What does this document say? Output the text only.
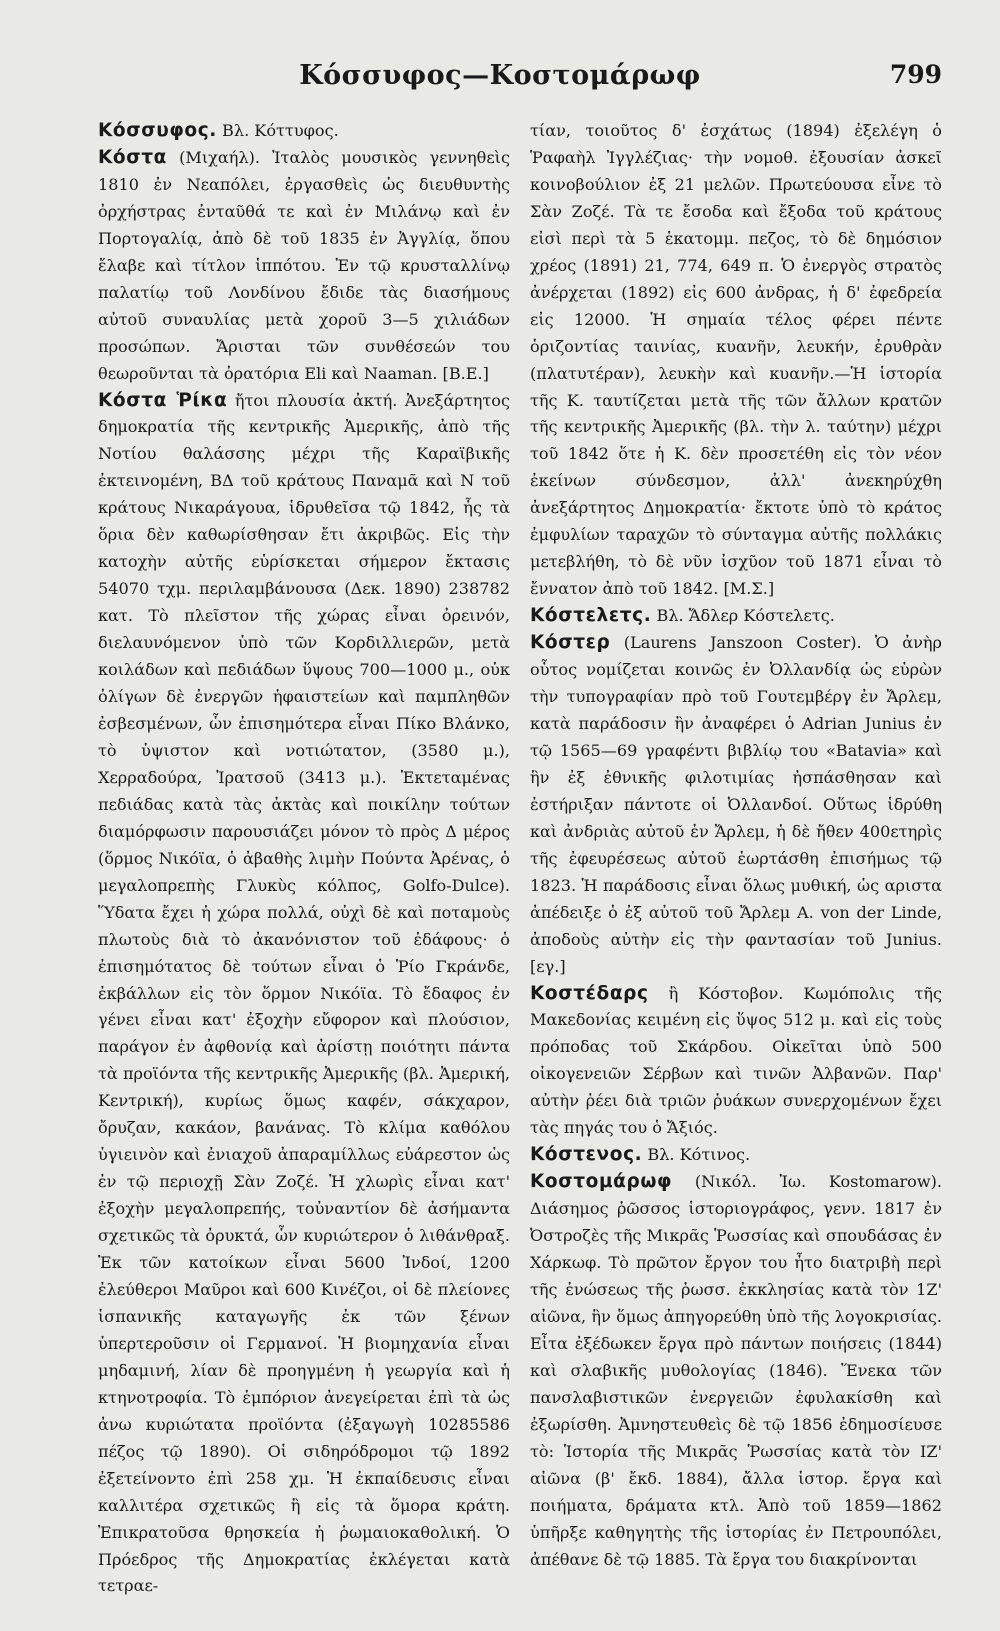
Κόσσυφος—Κοστομάρωφ	799

Κόσσυφος. Βλ. Κόττυφος.

Κόστα (Μιχαήλ). Ἰταλὸς μουσικὸς γεννηθεὶς 1810 ἐν Νεαπόλει, ἐργασθεὶς ὡς διευθυντὴς ὀρχήστρας ἐνταῦθά τε καὶ ἐν Μιλάνῳ καὶ ἐν Πορτογαλίᾳ, ἀπὸ δὲ τοῦ 1835 ἐν Ἀγγλίᾳ, ὅπου ἔλαβε καὶ τίτλον ἱππότου. Ἐν τῷ κρυσταλλίνῳ παλατίῳ τοῦ Λονδίνου ἔδιδε τὰς διασήμους αὐτοῦ συναυλίας μετὰ χοροῦ 3—5 χιλιάδων προσώπων. Ἄρισται τῶν συνθέσεών του θεωροῦνται τὰ ὀρατόρια Eli καὶ Naaman. [Β.Ε.]

Κόστα Ῥίκα ἤτοι πλουσία ἀκτή. Ἀνεξάρτητος δημοκρατία τῆς κεντρικῆς Ἀμερικῆς, ἀπὸ τῆς Νοτίου θαλάσσης μέχρι τῆς Καραϊβικῆς ἐκτεινομένη, ΒΔ τοῦ κράτους Παναμᾶ καὶ Ν τοῦ κράτους Νικαράγουα, ἱδρυθεῖσα τῷ 1842, ἧς τὰ ὅρια δὲν καθωρίσθησαν ἔτι ἀκριβῶς. Εἰς τὴν κατοχὴν αὐτῆς εὑρίσκεται σήμερον ἔκτασις 54070 τχμ. περιλαμβάνουσα (Δεκ. 1890) 238782 κατ. Τὸ πλεῖστον τῆς χώρας εἶναι ὀρεινόν, διελαυνόμενον ὑπὸ τῶν Κορδιλλιερῶν, μετὰ κοιλάδων καὶ πεδιάδων ὕψους 700—1000 μ., οὐκ ὀλίγων δὲ ἐνεργῶν ἡφαιστείων καὶ παμπληθῶν ἐσβεσμένων, ὧν ἐπισημότερα εἶναι Πίκο Βλάνκο, τὸ ὑψιστον καὶ νοτιώτατον, (3580 μ.), Χερραδούρα, Ἰρατσοῦ (3413 μ.). Ἐκτεταμένας πεδιάδας κατὰ τὰς ἀκτὰς καὶ ποικίλην τούτων διαμόρφωσιν παρουσιάζει μόνον τὸ πρὸς Δ μέρος (ὅρμος Νικόϊα, ὁ ἀβαθὴς λιμὴν Πούντα Ἀρένας, ὁ μεγαλοπρεπὴς Γλυκὺς κόλπος, Golfo-Dulce). Ὕδατα ἔχει ἡ χώρα πολλά, οὐχὶ δὲ καὶ ποταμοὺς πλωτοὺς διὰ τὸ ἀκανόνιστον τοῦ ἐδάφους· ὁ ἐπισημότατος δὲ τούτων εἶναι ὁ Ῥίο Γκράνδε, ἐκβάλλων εἰς τὸν ὅρμον Νικόϊα. Τὸ ἔδαφος ἐν γένει εἶναι κατ' ἐξοχὴν εὔφορον καὶ πλούσιον, παράγον ἐν ἀφθονίᾳ καὶ ἀρίστῃ ποιότητι πάντα τὰ προϊόντα τῆς κεντρικῆς Ἀμερικῆς (βλ. Ἀμερική, Κεντρική), κυρίως ὅμως καφέν, σάκχαρον, ὄρυζαν, κακάον, βανάνας. Τὸ κλίμα καθόλου ὑγιεινὸν καὶ ἐνιαχοῦ ἀπαραμίλλως εὐάρεστον ὡς ἐν τῷ περιοχῇ Σὰν Ζοζέ. Ἡ χλωρὶς εἶναι κατ' ἐξοχὴν μεγαλοπρεπής, τοὐναντίον δὲ ἀσήμαντα σχετικῶς τὰ ὀρυκτά, ὧν κυριώτερον ὁ λιθάνθραξ. Ἐκ τῶν κατοίκων εἶναι 5600 Ἰνδοί, 1200 ἐλεύθεροι Μαῦροι καὶ 600 Κινέζοι, οἱ δὲ πλείονες ἱσπανικῆς καταγωγῆς ἐκ τῶν ξένων ὑπερτεροῦσιν οἱ Γερμανοί. Ἡ βιομηχανία εἶναι μηδαμινή, λίαν δὲ προηγμένη ἡ γεωργία καὶ ἡ κτηνοτροφία. Τὸ ἐμπόριον ἀνεγείρεται ἐπὶ τὰ ὡς ἀνω κυριώτατα προϊόντα (ἐξαγωγὴ 10285586 πέζος τῷ 1890). Οἱ σιδηρόδρομοι τῷ 1892 ἐξετείνοντο ἐπὶ 258 χμ. Ἡ ἐκπαίδευσις εἶναι καλλιτέρα σχετικῶς ἢ εἰς τὰ ὅμορα κράτη. Ἐπικρατοῦσα θρησκεία ἡ ῥωμαιοκαθολική. Ὁ Πρόεδρος τῆς Δημοκρατίας ἐκλέγεται κατὰ τετραε-

τίαν, τοιοῦτος δ' ἐσχάτως (1894) ἐξελέγη ὁ Ῥαφαὴλ Ἰγγλέζιας· τὴν νομοθ. ἐξουσίαν ἀσκεῖ κοινοβούλιον ἐξ 21 μελῶν. Πρωτεύουσα εἶνε τὸ Σὰν Ζοζέ. Τὰ τε ἔσοδα καὶ ἔξοδα τοῦ κράτους εἰσὶ περὶ τὰ 5 ἑκατομμ. πεζος, τὸ δὲ δημόσιον χρέος (1891) 21, 774, 649 π. Ὁ ἐνεργὸς στρατὸς ἀνέρχεται (1892) εἰς 600 ἀνδρας, ἡ δ' ἐφεδρεία εἰς 12000. Ἡ σημαία τέλος φέρει πέντε ὁριζοντίας ταινίας, κυανῆν, λευκήν, ἐρυθρὰν (πλατυτέραν), λευκὴν καὶ κυανῆν.—Ἡ ἱστορία τῆς Κ. ταυτίζεται μετὰ τῆς τῶν ἄλλων κρατῶν τῆς κεντρικῆς Ἀμερικῆς (βλ. τὴν λ. ταύτην) μέχρι τοῦ 1842 ὅτε ἡ Κ. δὲν προσετέθη εἰς τὸν νέον ἐκείνων σύνδεσμον, ἀλλ' ἀνεκηρύχθη ἀνεξάρτητος Δημοκρατία· ἔκτοτε ὑπὸ τὸ κράτος ἐμφυλίων ταραχῶν τὸ σύνταγμα αὐτῆς πολλάκις μετεβλήθη, τὸ δὲ νῦν ἰσχῦον τοῦ 1871 εἶναι τὸ ἔννατον ἀπὸ τοῦ 1842. [Μ.Σ.]

Κόστελετς. Βλ. Ἄδλερ Κόστελετς.

Κόστερ (Laurens Janszoon Coster). Ὁ ἀνὴρ οὗτος νομίζεται κοινῶς ἐν Ὀλλανδίᾳ ὡς εὑρὼν τὴν τυπογραφίαν πρὸ τοῦ Γουτεμβέργ ἐν Ἄρλεμ, κατὰ παράδοσιν ἣν ἀναφέρει ὁ Adrian Junius ἐν τῷ 1565—69 γραφέντι βιβλίῳ του «Batavia» καὶ ἣν ἐξ ἐθνικῆς φιλοτιμίας ἠσπάσθησαν καὶ ἐστήριξαν πάντοτε οἱ Ὀλλανδοί. Οὕτως ἱδρύθη καὶ ἀνδριὰς αὐτοῦ ἐν Ἄρλεμ, ἡ δὲ ἤθεν 400ετηρὶς τῆς ἐφευρέσεως αὐτοῦ ἑωρτάσθη ἐπισήμως τῷ 1823. Ἡ παράδοσις εἶναι ὅλως μυθική, ὡς αριστα ἀπέδειξε ὁ ἐξ αὐτοῦ τοῦ Ἄρλεμ A. von der Linde, ἀποδοὺς αὐτὴν εἰς τὴν φαντασίαν τοῦ Junius. [εγ.]

Κοστέδαρς ἢ Κόστοβον. Κωμόπολις τῆς Μακεδονίας κειμένη εἰς ὕψος 512 μ. καὶ εἰς τοὺς πρόποδας τοῦ Σκάρδου. Οἰκεῖται ὑπὸ 500 οἰκογενειῶν Σέρβων καὶ τινῶν Ἀλβανῶν. Παρ' αὐτὴν ῥέει διὰ τριῶν ῥυάκων συνερχομένων ἔχει τὰς πηγάς του ὁ Ἄξιός.

Κόστενος. Βλ. Κότινος.

Κοστομάρωφ (Νικόλ. Ἰω. Kostomarow). Διάσημος ῥῶσσος ἱστοριογράφος, γενν. 1817 ἐν Ὀστροζὲς τῆς Μικρᾶς Ῥωσσίας καὶ σπουδάσας ἐν Χάρκωφ. Τὸ πρῶτον ἔργον του ἦτο διατριβὴ περὶ τῆς ἐνώσεως τῆς ῥωσσ. ἐκκλησίας κατὰ τὸν 1Ζ' αἰῶνα, ἣν ὅμως ἀπηγορεύθη ὑπὸ τῆς λογοκρισίας. Εἶτα ἐξέδωκεν ἔργα πρὸ πάντων ποιήσεις (1844) καὶ σλαβικῆς μυθολογίας (1846). Ἕνεκα τῶν πανσλαβιστικῶν ἐνεργειῶν ἐφυλακίσθη καὶ ἐξωρίσθη. Ἀμνηστευθεὶς δὲ τῷ 1856 ἐδημοσίευσε τὸ: Ἱστορία τῆς Μικρᾶς Ῥωσσίας κατὰ τὸν ΙΖ' αἰῶνα (β' ἔκδ. 1884), ἄλλα ἱστορ. ἔργα καὶ ποιήματα, δράματα κτλ. Ἀπὸ τοῦ 1859—1862 ὑπῆρξε καθηγητὴς τῆς ἱστορίας ἐν Πετρουπόλει, ἀπέθανε δὲ τῷ 1885. Τὰ ἔργα του διακρίνονται
